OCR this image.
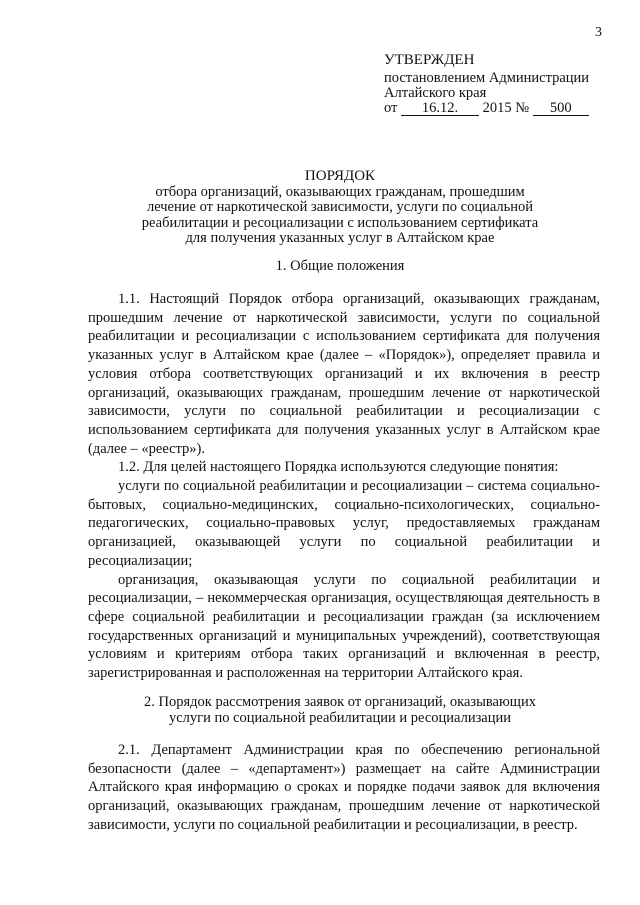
3
УТВЕРЖДЕН
постановлением Администрации
Алтайского края
от 16.12. 2015 № 500
ПОРЯДОК
отбора организаций, оказывающих гражданам, прошедшим
лечение от наркотической зависимости, услуги по социальной
реабилитации и ресоциализации с использованием сертификата
для получения указанных услуг в Алтайском крае
1. Общие положения

1.1. Настоящий Порядок отбора организаций, оказывающих гражданам, прошедшим лечение от наркотической зависимости, услуги по социальной реабилитации и ресоциализации с использованием сертификата для получения указанных услуг в Алтайском крае (далее – «Порядок»), определяет правила и условия отбора соответствующих организаций и их включения в реестр организаций, оказывающих гражданам, прошедшим лечение от наркотической зависимости, услуги по социальной реабилитации и ресоциализации с использованием сертификата для получения указанных услуг в Алтайском крае (далее – «реестр»).

1.2. Для целей настоящего Порядка используются следующие понятия:

услуги по социальной реабилитации и ресоциализации – система социально-бытовых, социально-медицинских, социально-психологических, социально-педагогических, социально-правовых услуг, предоставляемых гражданам организацией, оказывающей услуги по социальной реабилитации и ресоциализации;

организация, оказывающая услуги по социальной реабилитации и ресоциализации, – некоммерческая организация, осуществляющая деятельность в сфере социальной реабилитации и ресоциализации граждан (за исключением государственных организаций и муниципальных учреждений), соответствующая условиям и критериям отбора таких организаций и включенная в реестр, зарегистрированная и расположенная на территории Алтайского края.

2. Порядок рассмотрения заявок от организаций, оказывающих
услуги по социальной реабилитации и ресоциализации

2.1. Департамент Администрации края по обеспечению региональной безопасности (далее – «департамент») размещает на сайте Администрации Алтайского края информацию о сроках и порядке подачи заявок для включения организаций, оказывающих гражданам, прошедшим лечение от наркотической зависимости, услуги по социальной реабилитации и ресоциализации, в реестр.
